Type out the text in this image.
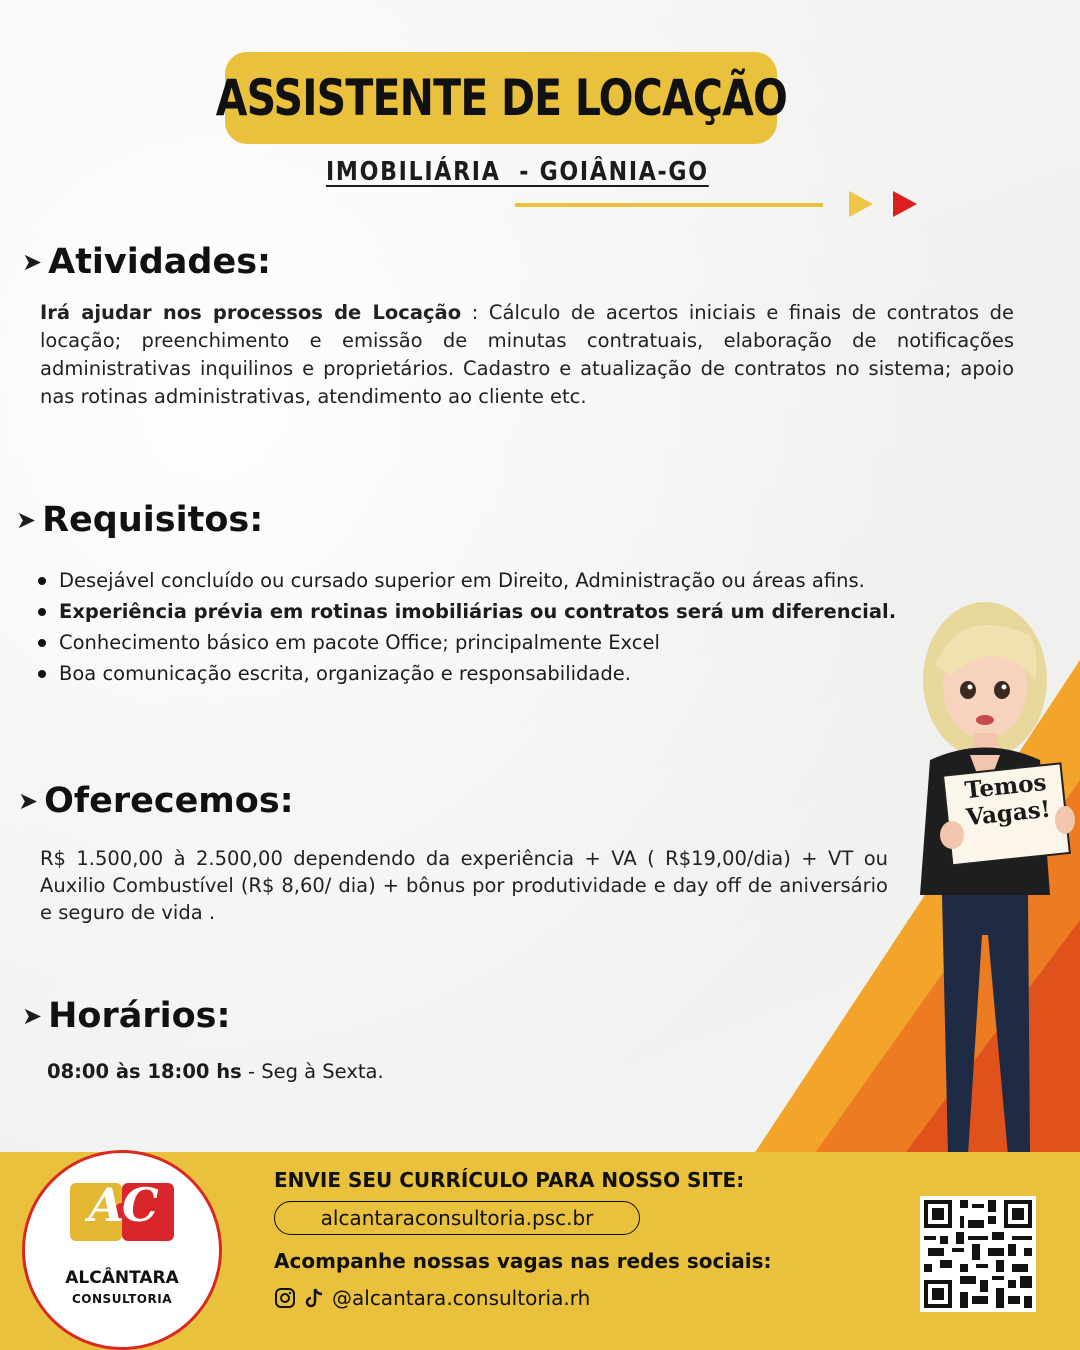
ASSISTENTE DE LOCAÇÃO
IMOBILIÁRIA  - GOIÂNIA-GO
➤ Atividades:
Irá ajudar nos processos de Locação : Cálculo de acertos iniciais e finais de contratos de locação; preenchimento e emissão de minutas contratuais, elaboração de notificações administrativas inquilinos e proprietários. Cadastro e atualização de contratos no sistema; apoio nas rotinas administrativas, atendimento ao cliente etc.
➤ Requisitos:
Desejável concluído ou cursado superior em Direito, Administração ou áreas afins.
Experiência prévia em rotinas imobiliárias ou contratos será um diferencial.
Conhecimento básico em pacote Office; principalmente Excel
Boa comunicação escrita, organização e responsabilidade.
➤ Oferecemos:
R$ 1.500,00 à 2.500,00 dependendo da experiência + VA ( R$19,00/dia) + VT ou Auxilio Combustível (R$ 8,60/ dia) + bônus por produtividade e day off de aniversário e seguro de vida .
➤ Horários:
08:00 às 18:00 hs - Seg à Sexta.
Temos
Vagas!
AC
ALCÂNTARA
CONSULTORIA
ENVIE SEU CURRÍCULO PARA NOSSO SITE:
alcantaraconsultoria.psc.br
Acompanhe nossas vagas nas redes sociais:
@alcantara.consultoria.rh
